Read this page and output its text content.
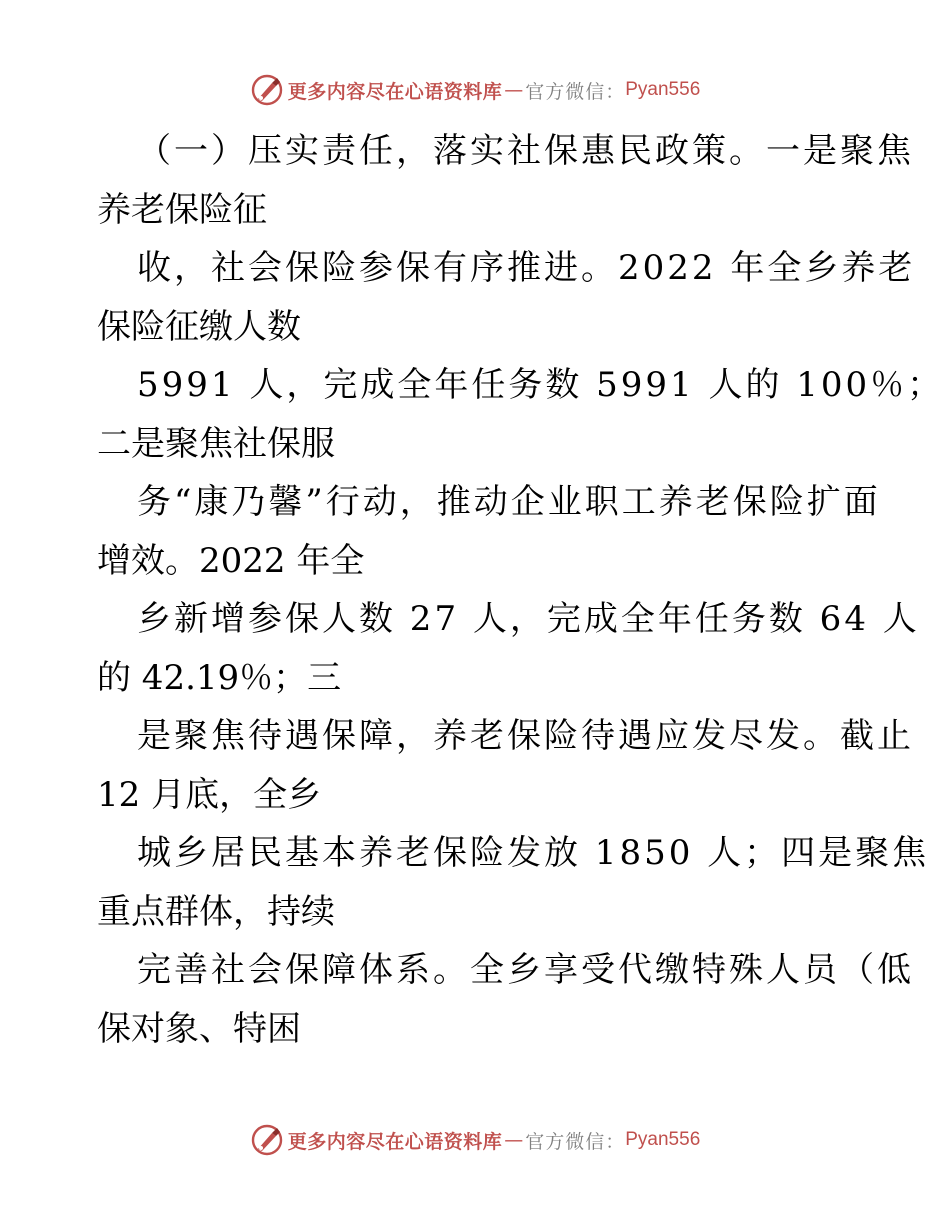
更多内容尽在心语资料库 — 官方微信： Pyan556
（一）压实责任，落实社保惠民政策。一是聚焦
养老保险征
收，社会保险参保有序推进。2022 年全乡养老
保险征缴人数
5991 人，完成全年任务数 5991 人的 100％；
二是聚焦社保服
务“康乃馨”行动，推动企业职工养老保险扩面
增效。2022 年全
乡新增参保人数 27 人，完成全年任务数 64 人
的 42.19％；三
是聚焦待遇保障，养老保险待遇应发尽发。截止
12 月底，全乡
城乡居民基本养老保险发放 1850 人；四是聚焦
重点群体，持续
完善社会保障体系。全乡享受代缴特殊人员（低
保对象、特困
更多内容尽在心语资料库 — 官方微信： Pyan556
